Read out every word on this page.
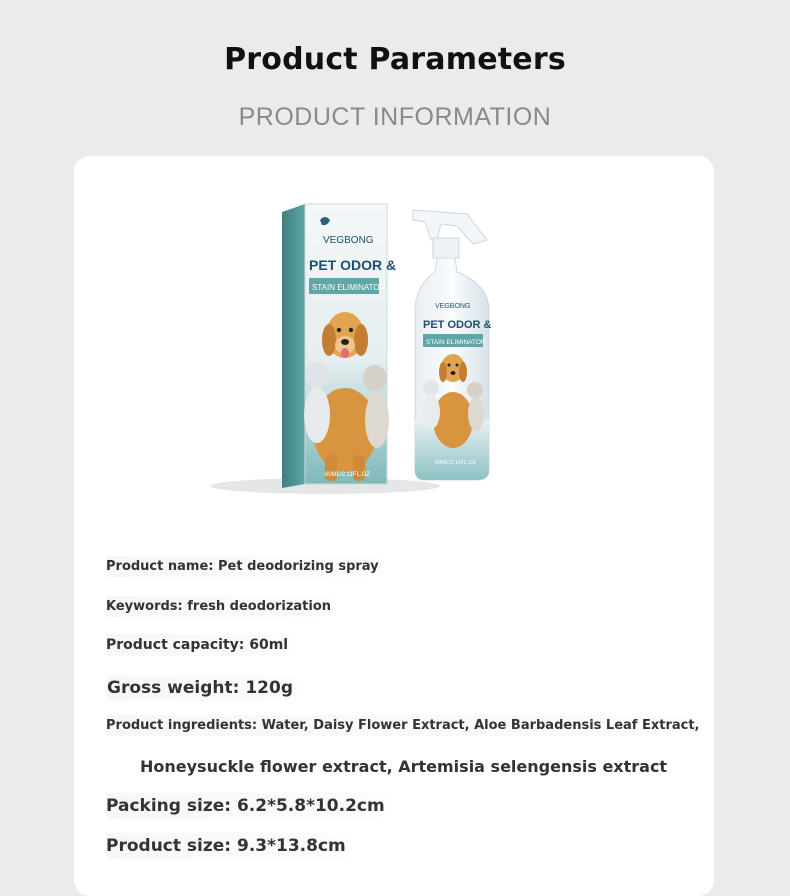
Product Parameters
PRODUCT INFORMATION
VEGBONG
PET ODOR &
STAIN ELIMINATOR
60ML/2.11FL.OZ
VEGBONG
PET ODOR &
STAIN ELIMINATOR
60ML/2.11FL.OZ
Product name: Pet deodorizing spray
Keywords: fresh deodorization
Product capacity: 60ml
Gross weight: 120g
Product ingredients: Water, Daisy Flower Extract, Aloe Barbadensis Leaf Extract,
Honeysuckle flower extract, Artemisia selengensis extract
Packing size: 6.2*5.8*10.2cm
Product size: 9.3*13.8cm
